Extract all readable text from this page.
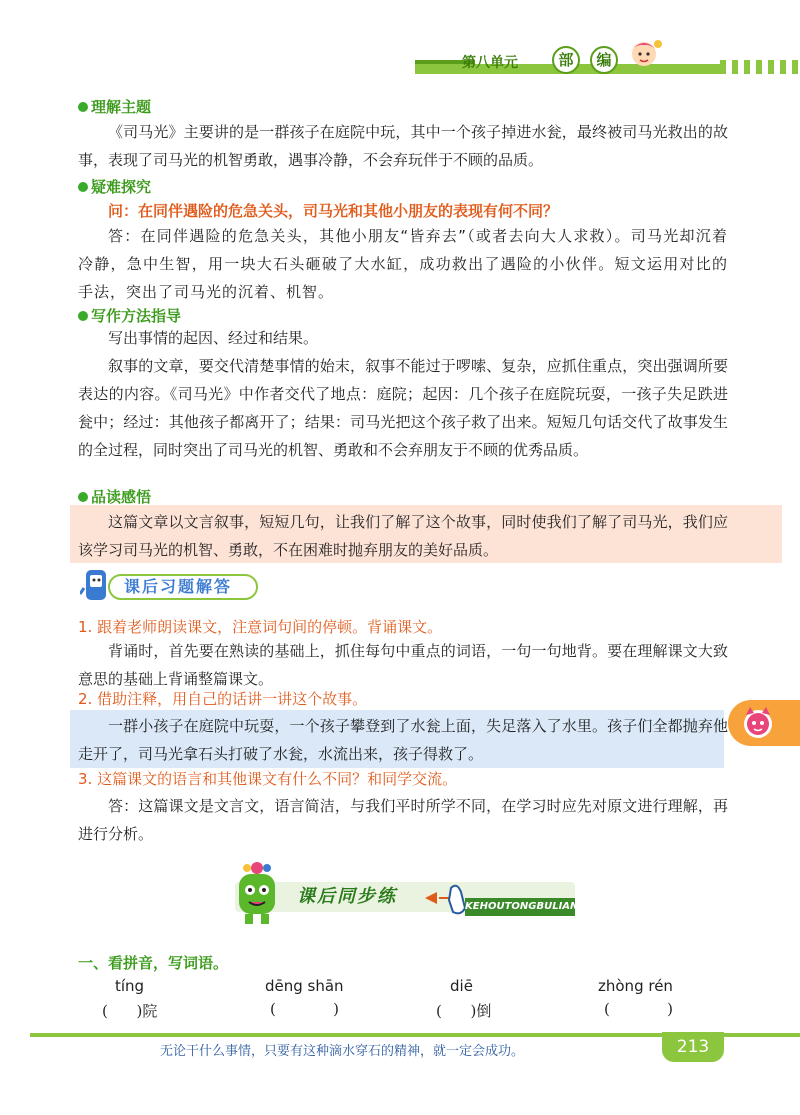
第八单元	部	编
理解主题
《司马光》主要讲的是一群孩子在庭院中玩，其中一个孩子掉进水瓮，最终被司马光救出的故事，表现了司马光的机智勇敢，遇事冷静，不会弃玩伴于不顾的品质。
疑难探究
问：在同伴遇险的危急关头，司马光和其他小朋友的表现有何不同？
答：在同伴遇险的危急关头，其他小朋友“皆弃去”（或者去向大人求救）。司马光却沉着冷静，急中生智，用一块大石头砸破了大水缸，成功救出了遇险的小伙伴。短文运用对比的手法，突出了司马光的沉着、机智。
写作方法指导
写出事情的起因、经过和结果。
叙事的文章，要交代清楚事情的始末，叙事不能过于啰嗦、复杂，应抓住重点，突出强调所要表达的内容。《司马光》中作者交代了地点：庭院；起因：几个孩子在庭院玩耍，一孩子失足跌进瓮中；经过：其他孩子都离开了；结果：司马光把这个孩子救了出来。短短几句话交代了故事发生的全过程，同时突出了司马光的机智、勇敢和不会弃朋友于不顾的优秀品质。
品读感悟
这篇文章以文言叙事，短短几句，让我们了解了这个故事，同时使我们了解了司马光，我们应该学习司马光的机智、勇敢，不在困难时抛弃朋友的美好品质。
课后习题解答
1. 跟着老师朗读课文，注意词句间的停顿。背诵课文。
背诵时，首先要在熟读的基础上，抓住每句中重点的词语，一句一句地背。要在理解课文大致意思的基础上背诵整篇课文。
2. 借助注释，用自己的话讲一讲这个故事。
一群小孩子在庭院中玩耍，一个孩子攀登到了水瓮上面，失足落入了水里。孩子们全都抛弃他走开了，司马光拿石头打破了水瓮，水流出来，孩子得救了。
3. 这篇课文的语言和其他课文有什么不同？和同学交流。
答：这篇课文是文言文，语言简洁，与我们平时所学不同，在学习时应先对原文进行理解，再进行分析。
课后同步练	KEHOUTONGBULIAN
一、看拼音，写词语。
tíng	dēng shān	diē	zhòng rén
(      )院	(            )	(      )倒	(            )
无论干什么事情，只要有这种滴水穿石的精神，就一定会成功。	213
